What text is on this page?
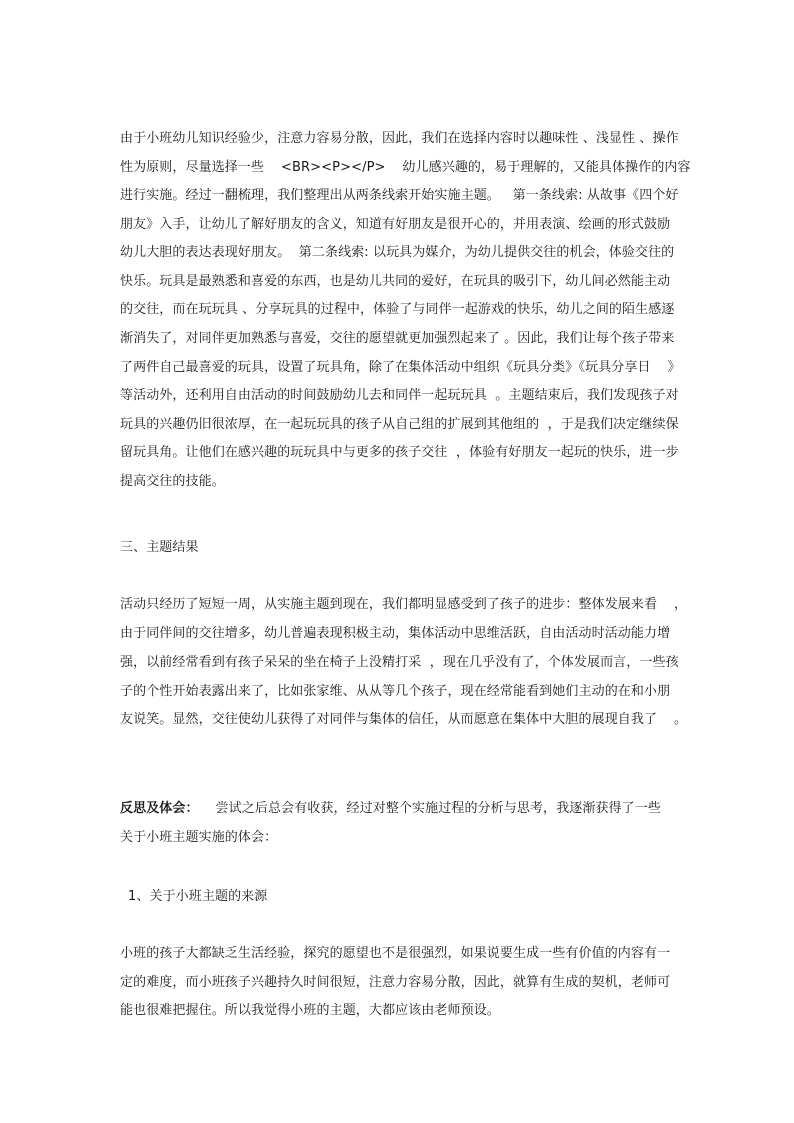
由于小班幼儿知识经验少，注意力容易分散，因此，我们在选择内容时以趣味性 、浅显性 、操作
性为原则，尽量选择一些    <BR><P></P>    幼儿感兴趣的，易于理解的，又能具体操作的内容
进行实施。经过一翻梳理，我们整理出从两条线索开始实施主题。   第一条线索: 从故事《四个好
朋友》入手，让幼儿了解好朋友的含义，知道有好朋友是很开心的，并用表演、绘画的形式鼓励
幼儿大胆的表达表现好朋友。  第二条线索: 以玩具为媒介，为幼儿提供交往的机会，体验交往的
快乐。玩具是最熟悉和喜爱的东西，也是幼儿共同的爱好，在玩具的吸引下，幼儿间必然能主动
的交往，而在玩玩具 、分享玩具的过程中，体验了与同伴一起游戏的快乐，幼儿之间的陌生感逐
渐消失了，对同伴更加熟悉与喜爱，交往的愿望就更加强烈起来了 。因此，我们让每个孩子带来
了两件自己最喜爱的玩具，设置了玩具角，除了在集体活动中组织《玩具分类》《玩具分享日    》
等活动外，还利用自由活动的时间鼓励幼儿去和同伴一起玩玩具  。主题结束后，我们发现孩子对
玩具的兴趣仍旧很浓厚，在一起玩玩具的孩子从自己组的扩展到其他组的  ，于是我们决定继续保
留玩具角。让他们在感兴趣的玩玩具中与更多的孩子交往  ，体验有好朋友一起玩的快乐，进一步
提高交往的技能。
三、主题结果
活动只经历了短短一周，从实施主题到现在，我们都明显感受到了孩子的进步：整体发展来看    ，
由于同伴间的交往增多，幼儿普遍表现积极主动，集体活动中思维活跃，自由活动时活动能力增
强，以前经常看到有孩子呆呆的坐在椅子上没精打采  ，现在几乎没有了，个体发展而言，一些孩
子的个性开始表露出来了，比如张家维、从从等几个孩子，现在经常能看到她们主动的在和小朋
友说笑。显然，交往使幼儿获得了对同伴与集体的信任，从而愿意在集体中大胆的展现自我了    。
反思及体会：    尝试之后总会有收获，经过对整个实施过程的分析与思考，我逐渐获得了一些
关于小班主题实施的体会：
1、关于小班主题的来源
小班的孩子大都缺乏生活经验，探究的愿望也不是很强烈，如果说要生成一些有价值的内容有一
定的难度，而小班孩子兴趣持久时间很短，注意力容易分散，因此，就算有生成的契机，老师可
能也很难把握住。所以我觉得小班的主题，大都应该由老师预设。
